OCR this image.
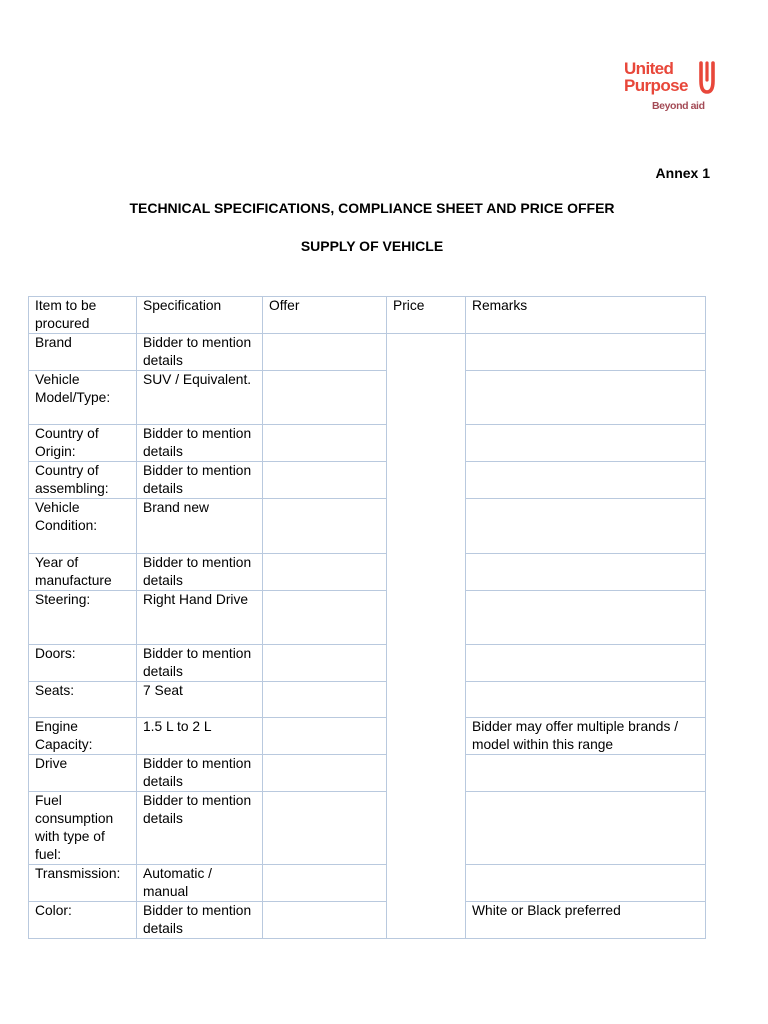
United
Purpose
Beyond aid
Annex 1
TECHNICAL SPECIFICATIONS, COMPLIANCE SHEET AND PRICE OFFER
SUPPLY OF VEHICLE
Item to be procured	Specification	Offer	Price	Remarks
Brand	Bidder to mention details			
Vehicle Model/Type:	SUV / Equivalent.			
Country of Origin:	Bidder to mention details			
Country of assembling:	Bidder to mention details			
Vehicle Condition:	Brand new			
Year of manufacture	Bidder to mention details			
Steering:	Right Hand Drive			
Doors:	Bidder to mention details			
Seats:	7 Seat			
Engine Capacity:	1.5 L to 2 L			Bidder may offer multiple brands / model within this range
Drive	Bidder to mention details			
Fuel consumption with type of fuel:	Bidder to mention details			
Transmission:	Automatic / manual			
Color:	Bidder to mention details			White or Black preferred
